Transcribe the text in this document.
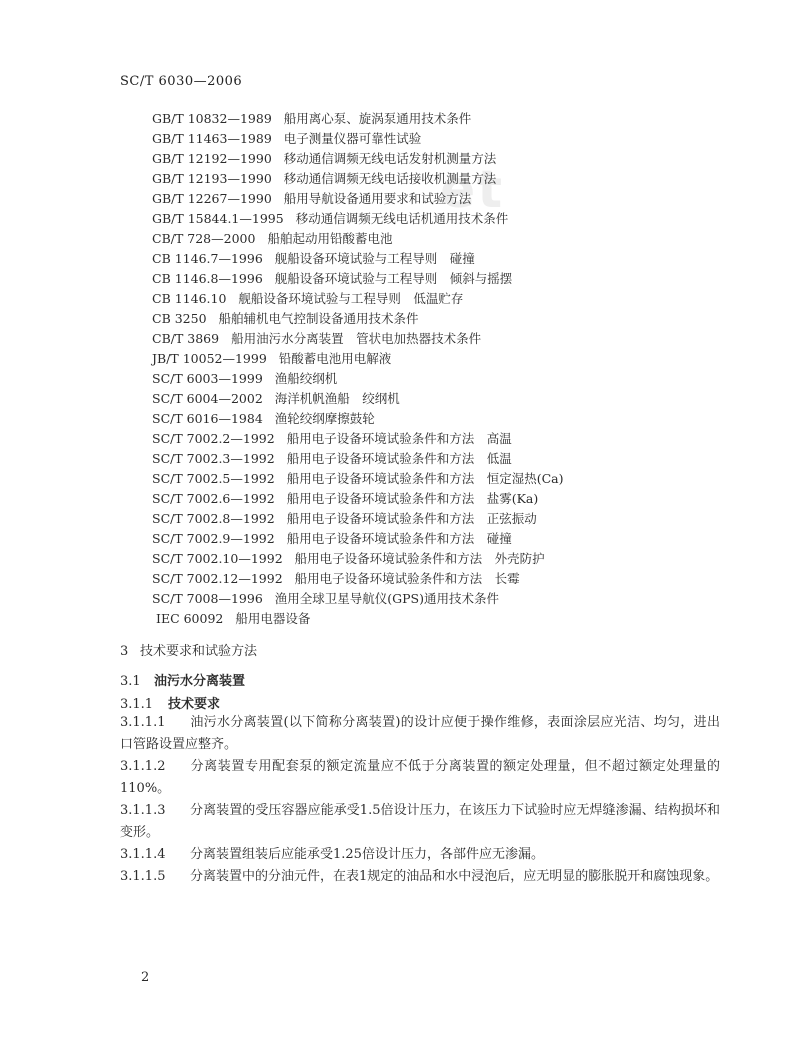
et
SC/T 6030—2006
GB/T 10832—1989 船用离心泵、旋涡泵通用技术条件
GB/T 11463—1989 电子测量仪器可靠性试验
GB/T 12192—1990 移动通信调频无线电话发射机测量方法
GB/T 12193—1990 移动通信调频无线电话接收机测量方法
GB/T 12267—1990 船用导航设备通用要求和试验方法
GB/T 15844.1—1995 移动通信调频无线电话机通用技术条件
CB/T 728—2000 船舶起动用铅酸蓄电池
CB 1146.7—1996 舰船设备环境试验与工程导则　碰撞
CB 1146.8—1996 舰船设备环境试验与工程导则　倾斜与摇摆
CB 1146.10 舰船设备环境试验与工程导则　低温贮存
CB 3250 船舶辅机电气控制设备通用技术条件
CB/T 3869 船用油污水分离装置　管状电加热器技术条件
JB/T 10052—1999 铅酸蓄电池用电解液
SC/T 6003—1999 渔船绞纲机
SC/T 6004—2002 海洋机帆渔船　绞纲机
SC/T 6016—1984 渔轮绞纲摩擦鼓轮
SC/T 7002.2—1992 船用电子设备环境试验条件和方法　高温
SC/T 7002.3—1992 船用电子设备环境试验条件和方法　低温
SC/T 7002.5—1992 船用电子设备环境试验条件和方法　恒定湿热(Ca)
SC/T 7002.6—1992 船用电子设备环境试验条件和方法　盐雾(Ka)
SC/T 7002.8—1992 船用电子设备环境试验条件和方法　正弦振动
SC/T 7002.9—1992 船用电子设备环境试验条件和方法　碰撞
SC/T 7002.10—1992 船用电子设备环境试验条件和方法　外壳防护
SC/T 7002.12—1992 船用电子设备环境试验条件和方法　长霉
SC/T 7008—1996 渔用全球卫星导航仪(GPS)通用技术条件
IEC 60092 船用电器设备
3 技术要求和试验方法
3.1 油污水分离装置
3.1.1 技术要求
3.1.1.1 油污水分离装置(以下简称分离装置)的设计应便于操作维修，表面涂层应光洁、均匀，进出口管路设置应整齐。
3.1.1.2 分离装置专用配套泵的额定流量应不低于分离装置的额定处理量，但不超过额定处理量的110%。
3.1.1.3 分离装置的受压容器应能承受1.5倍设计压力，在该压力下试验时应无焊缝渗漏、结构损坏和变形。
3.1.1.4 分离装置组装后应能承受1.25倍设计压力，各部件应无渗漏。
3.1.1.5 分离装置中的分油元件，在表1规定的油品和水中浸泡后，应无明显的膨胀脱开和腐蚀现象。
2
